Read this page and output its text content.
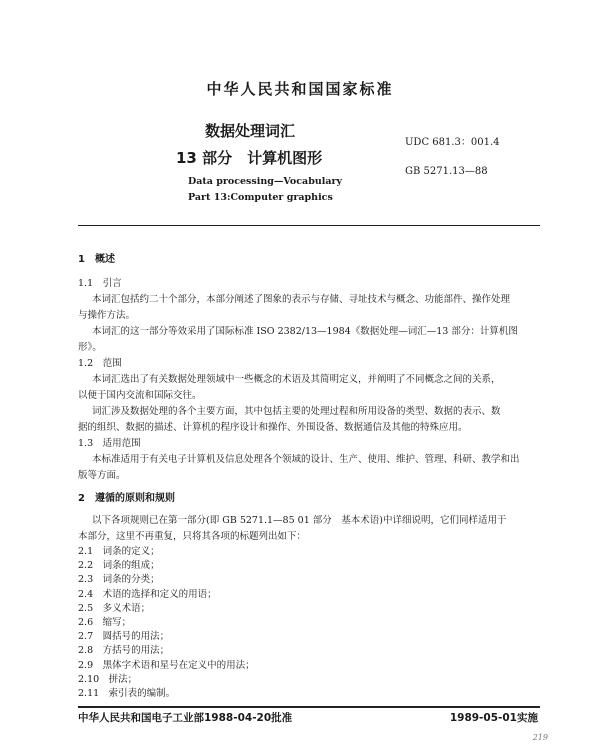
中华人民共和国国家标准
数据处理词汇
13 部分　计算机图形
UDC 681.3：001.4
GB 5271.13—88
Data processing—Vocabulary
Part 13:Computer graphics
1　概述
1.1　引言
本词汇包括约二十个部分，本部分阐述了图象的表示与存储、寻址技术与概念、功能部件、操作处理
与操作方法。
本词汇的这一部分等效采用了国际标准 ISO 2382/13—1984《数据处理—词汇—13 部分：计算机图
形》。
1.2　范围
本词汇选出了有关数据处理领域中一些概念的术语及其简明定义，并阐明了不同概念之间的关系，
以便于国内交流和国际交往。
词汇涉及数据处理的各个主要方面，其中包括主要的处理过程和所用设备的类型、数据的表示、数
据的组织、数据的描述、计算机的程序设计和操作、外围设备、数据通信及其他的特殊应用。
1.3　适用范围
本标准适用于有关电子计算机及信息处理各个领域的设计、生产、使用、维护、管理、科研、教学和出
版等方面。
2　遵循的原则和规则
以下各项规则已在第一部分(即 GB 5271.1—85 01 部分　基本术语)中详细说明，它们同样适用于
本部分，这里不再重复，只将其各项的标题列出如下：
2.1　词条的定义；
2.2　词条的组成；
2.3　词条的分类；
2.4　术语的选择和定义的用语；
2.5　多义术语；
2.6　缩写；
2.7　圆括号的用法；
2.8　方括号的用法；
2.9　黑体字术语和星号在定义中的用法；
2.10　拼法；
2.11　索引表的编制。
中华人民共和国电子工业部1988-04-20批准	1989-05-01实施
219
